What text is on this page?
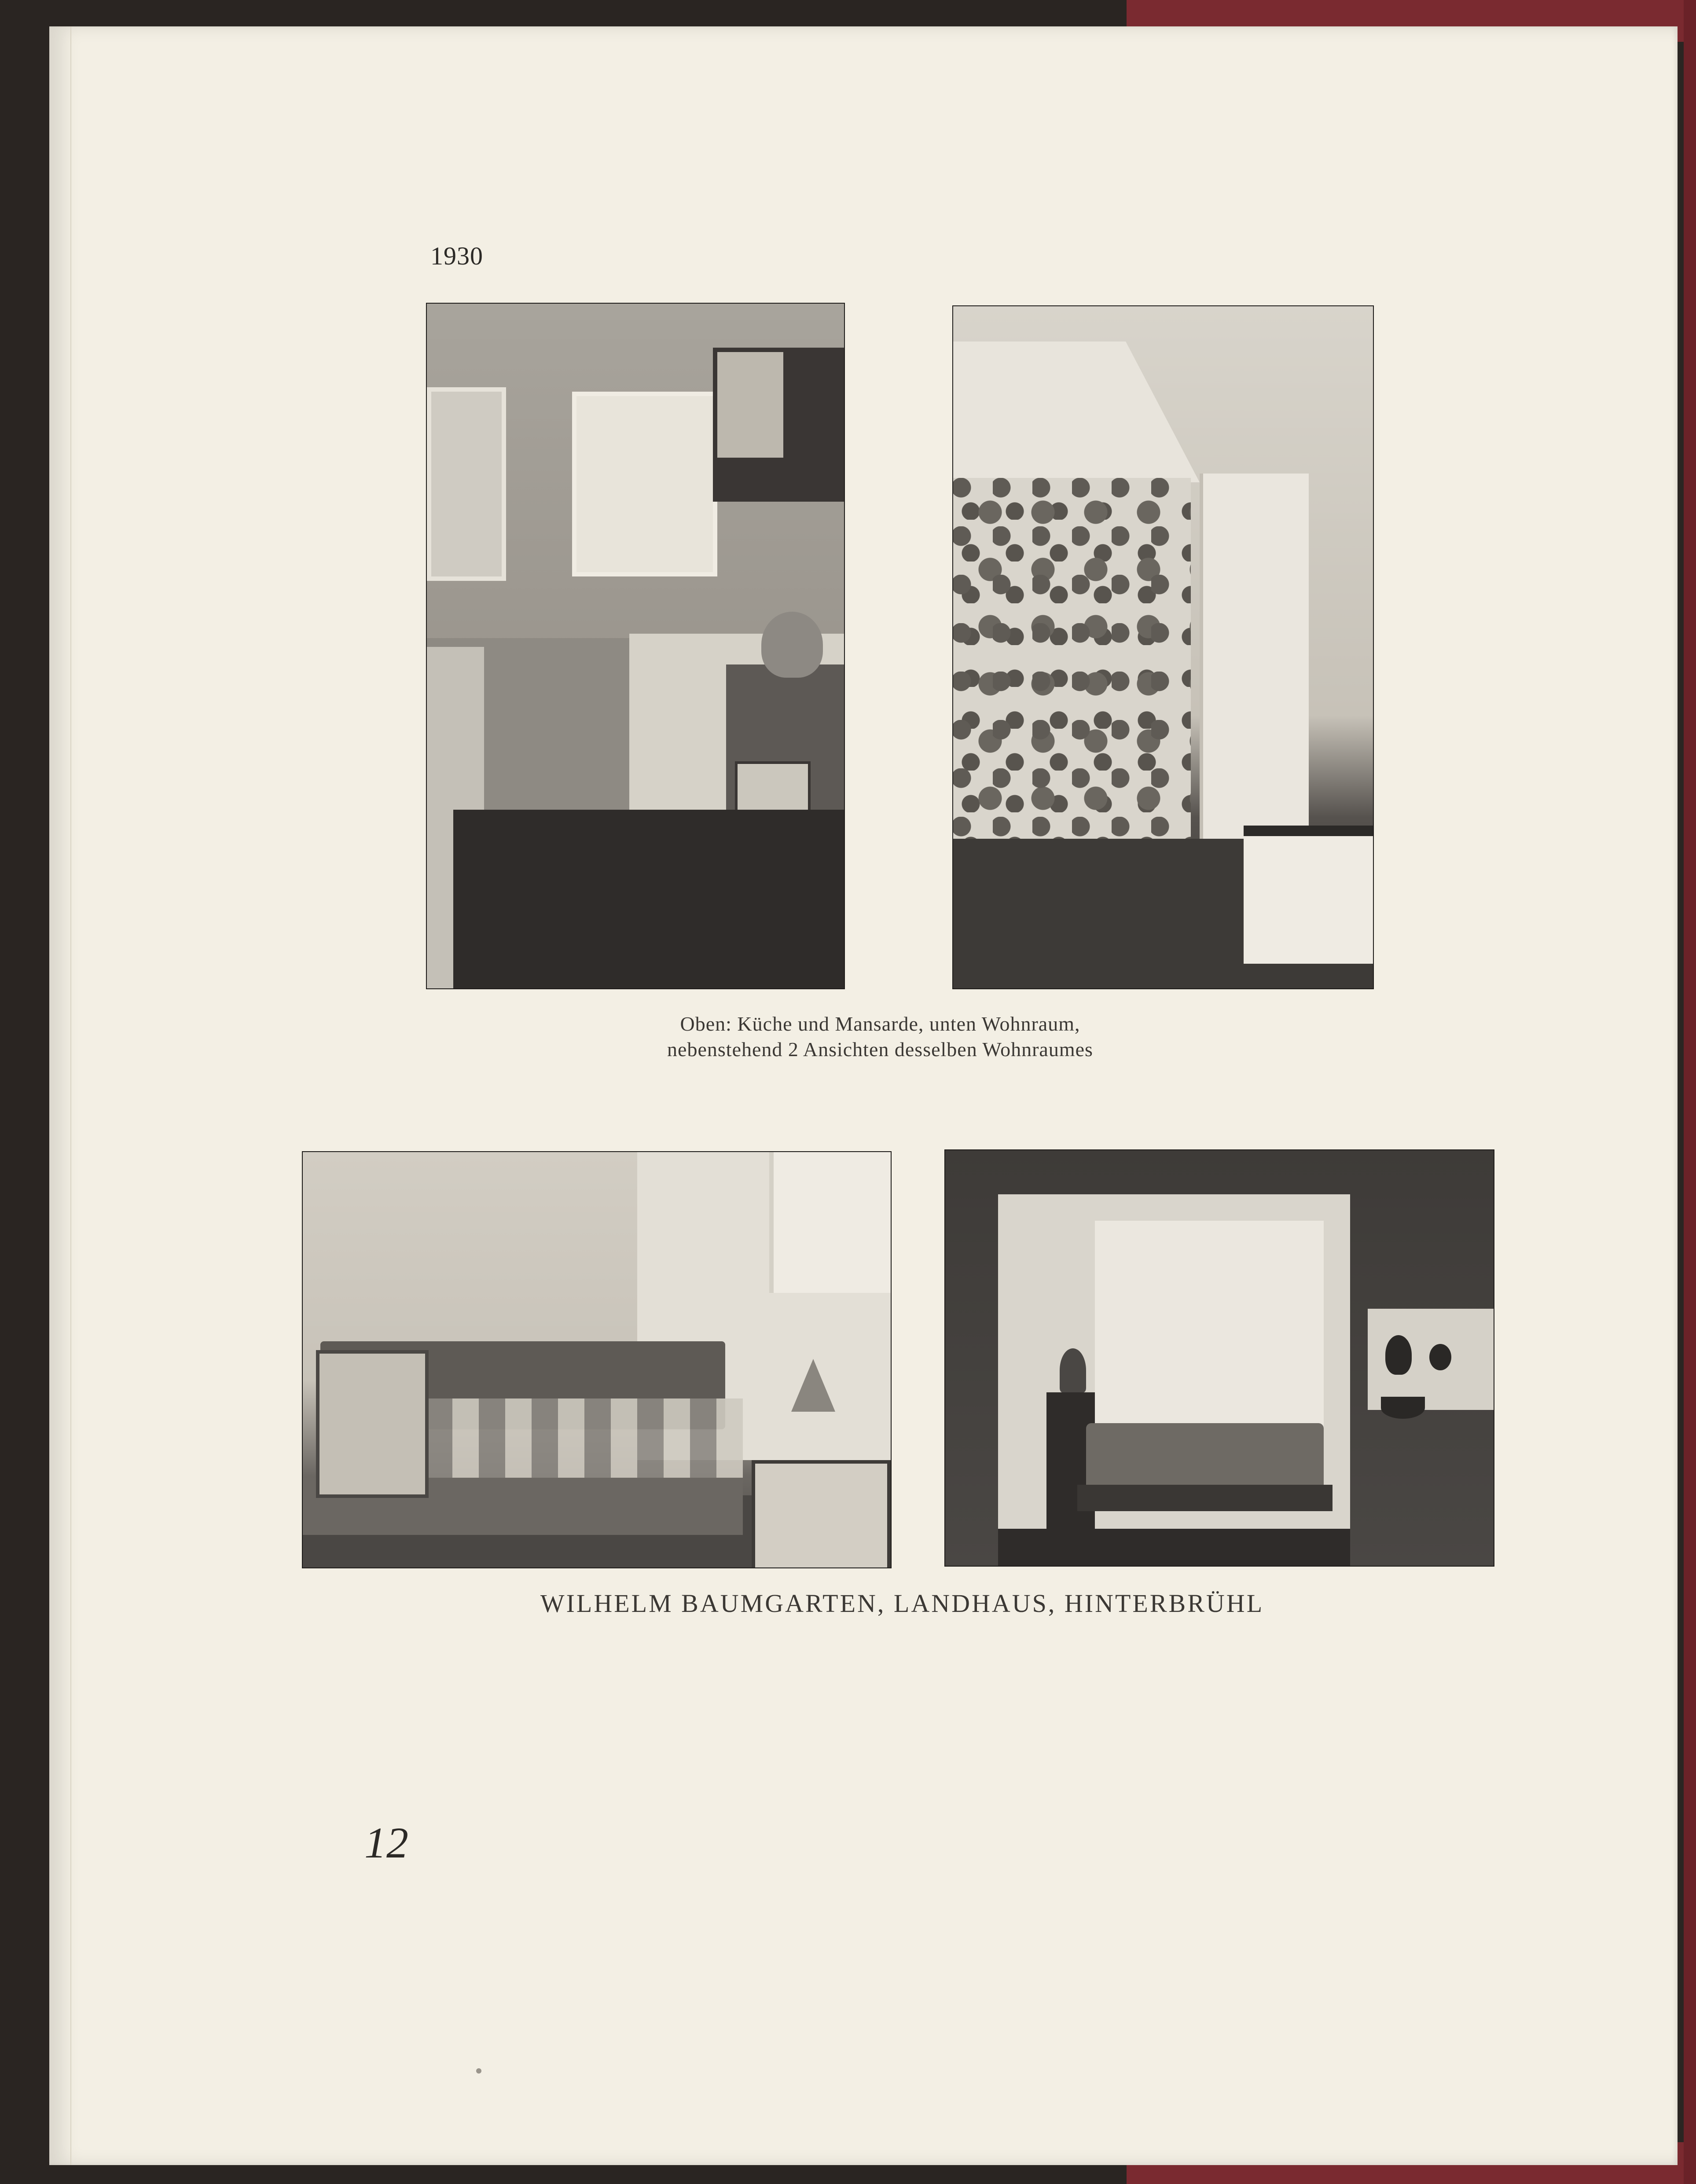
1930
Oben: Küche und Mansarde, unten Wohnraum,
nebenstehend 2 Ansichten desselben Wohnraumes
WILHELM BAUMGARTEN, LANDHAUS, HINTERBRÜHL
12
